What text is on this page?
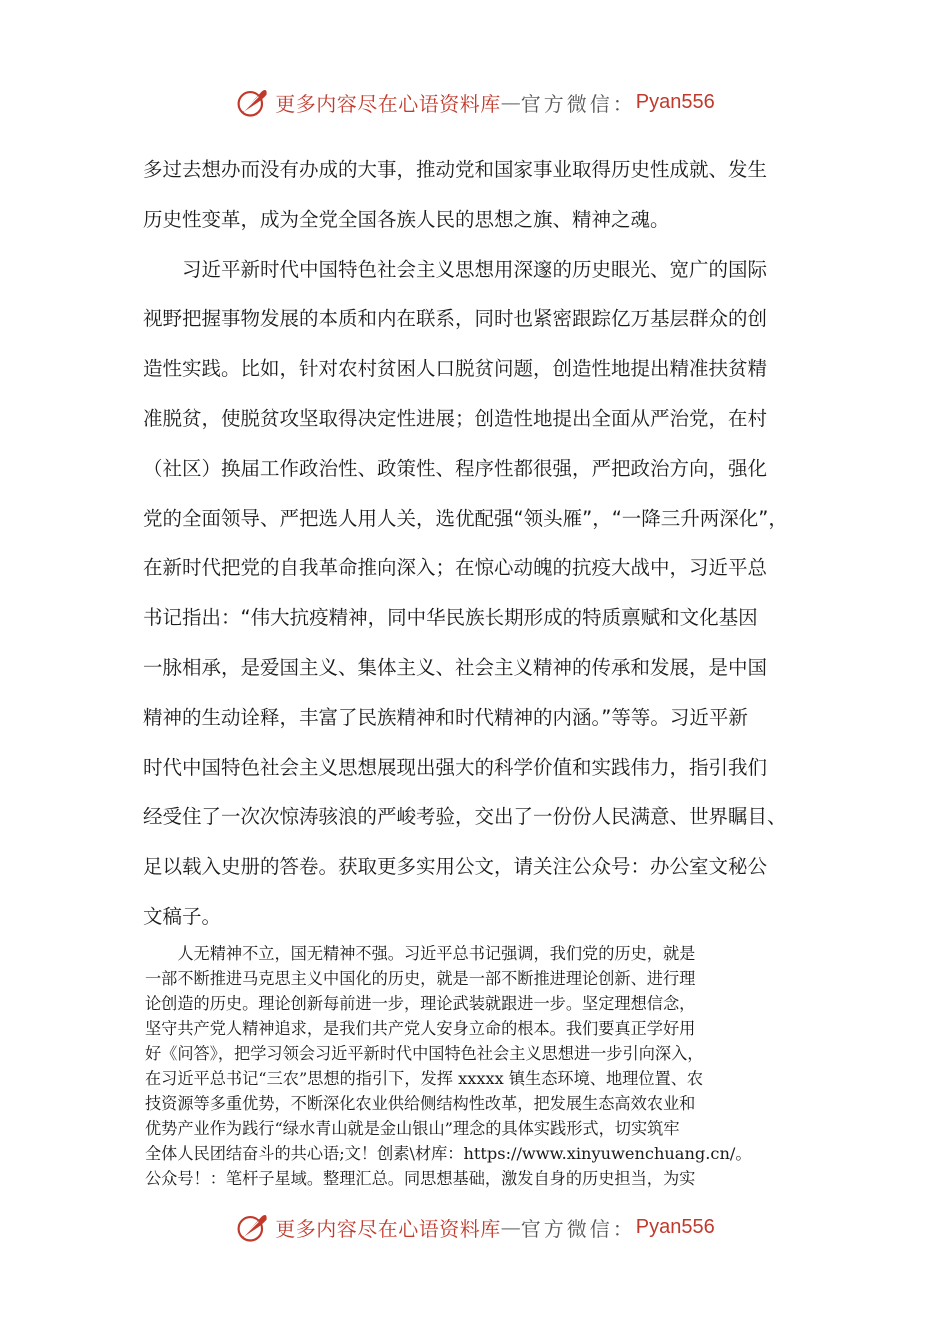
更多内容尽在心语资料库 — 官方微信： Pyan556
多过去想办而没有办成的大事，推动党和国家事业取得历史性成就、发生
历史性变革，成为全党全国各族人民的思想之旗、精神之魂。
　　习近平新时代中国特色社会主义思想用深邃的历史眼光、宽广的国际
视野把握事物发展的本质和内在联系，同时也紧密跟踪亿万基层群众的创
造性实践。比如，针对农村贫困人口脱贫问题，创造性地提出精准扶贫精
准脱贫，使脱贫攻坚取得决定性进展；创造性地提出全面从严治党，在村
（社区）换届工作政治性、政策性、程序性都很强，严把政治方向，强化
党的全面领导、严把选人用人关，选优配强“领头雁”，“一降三升两深化”，
在新时代把党的自我革命推向深入；在惊心动魄的抗疫大战中，习近平总
书记指出：“伟大抗疫精神，同中华民族长期形成的特质禀赋和文化基因
一脉相承，是爱国主义、集体主义、社会主义精神的传承和发展，是中国
精神的生动诠释，丰富了民族精神和时代精神的内涵。”等等。习近平新
时代中国特色社会主义思想展现出强大的科学价值和实践伟力，指引我们
经受住了一次次惊涛骇浪的严峻考验，交出了一份份人民满意、世界瞩目、
足以载入史册的答卷。获取更多实用公文，请关注公众号：办公室文秘公
文稿子。
　　人无精神不立，国无精神不强。习近平总书记强调，我们党的历史，就是
一部不断推进马克思主义中国化的历史，就是一部不断推进理论创新、进行理
论创造的历史。理论创新每前进一步，理论武装就跟进一步。坚定理想信念，
坚守共产党人精神追求，是我们共产党人安身立命的根本。我们要真正学好用
好《问答》，把学习领会习近平新时代中国特色社会主义思想进一步引向深入，
在习近平总书记“三农”思想的指引下，发挥 xxxxx 镇生态环境、地理位置、农
技资源等多重优势，不断深化农业供给侧结构性改革，把发展生态高效农业和
优势产业作为践行“绿水青山就是金山银山”理念的具体实践形式，切实筑牢
全体人民团结奋斗的共心语;文！创素\材库：https://www.xinyuwenchuang.cn/。
公众号！：笔杆子星域。整理汇总。同思想基础，激发自身的历史担当，为实
更多内容尽在心语资料库 — 官方微信： Pyan556
